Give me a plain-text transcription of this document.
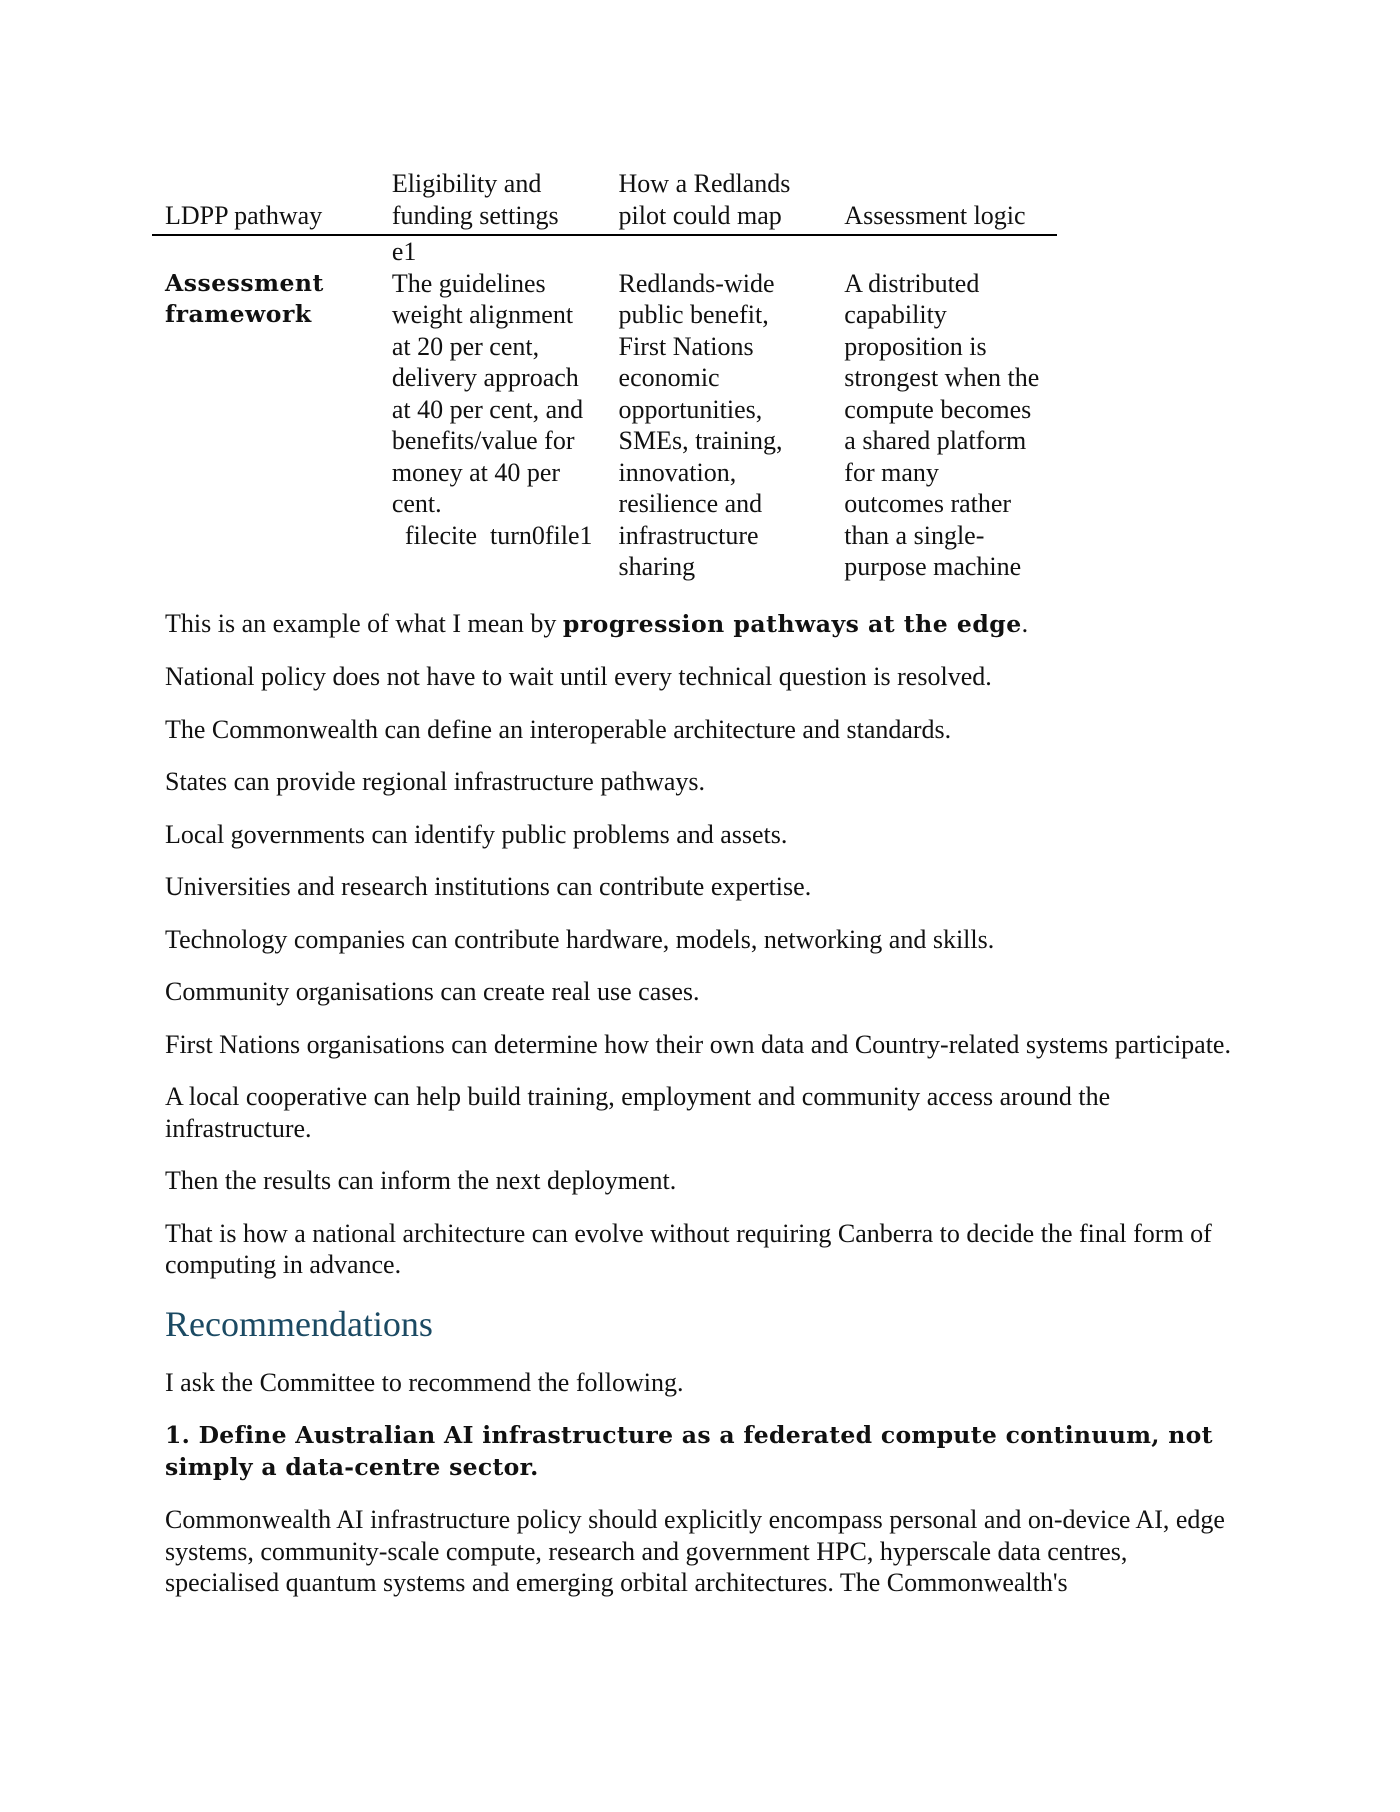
LDPP pathway	Eligibility and funding settings	How a Redlands pilot could map	Assessment logic
	e1		
Assessment framework	The guidelines weight alignment at 20 per cent, delivery approach at 40 per cent, and benefits/value for money at 40 per cent.   filecite  turn0file1	Redlands-wide public benefit, First Nations economic opportunities, SMEs, training, innovation, resilience and infrastructure sharing	A distributed capability proposition is strongest when the compute becomes a shared platform for many outcomes rather than a single-purpose machine

This is an example of what I mean by progression pathways at the edge.

National policy does not have to wait until every technical question is resolved.

The Commonwealth can define an interoperable architecture and standards.

States can provide regional infrastructure pathways.

Local governments can identify public problems and assets.

Universities and research institutions can contribute expertise.

Technology companies can contribute hardware, models, networking and skills.

Community organisations can create real use cases.

First Nations organisations can determine how their own data and Country-related systems participate.

A local cooperative can help build training, employment and community access around the infrastructure.

Then the results can inform the next deployment.

That is how a national architecture can evolve without requiring Canberra to decide the final form of computing in advance.

Recommendations

I ask the Committee to recommend the following.

1. Define Australian AI infrastructure as a federated compute continuum, not simply a data-centre sector.

Commonwealth AI infrastructure policy should explicitly encompass personal and on-device AI, edge systems, community-scale compute, research and government HPC, hyperscale data centres, specialised quantum systems and emerging orbital architectures. The Commonwealth's
